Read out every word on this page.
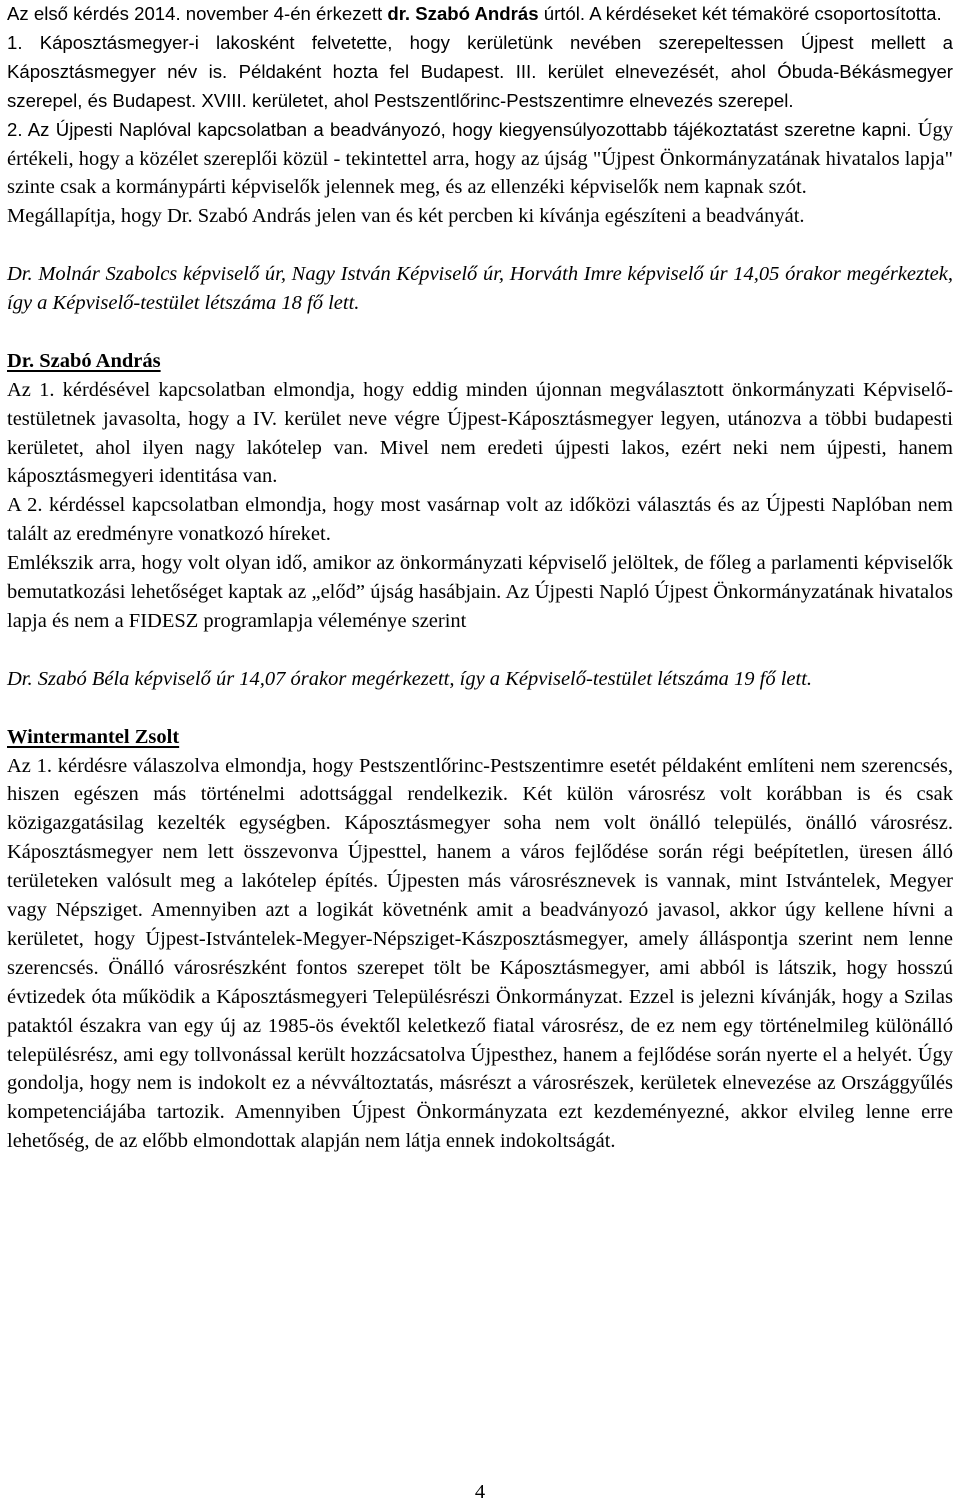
Az első kérdés 2014. november 4-én érkezett dr. Szabó András úrtól. A kérdéseket két témaköré csoportosította.

1. Káposztásmegyer-i lakosként felvetette, hogy kerületünk nevében szerepeltessen Újpest mellett a Káposztásmegyer név is. Példaként hozta fel Budapest. III. kerület elnevezését, ahol Óbuda-Békásmegyer szerepel, és Budapest. XVIII. kerületet, ahol Pestszentlőrinc-Pestszentimre elnevezés szerepel.

2. Az Újpesti Naplóval kapcsolatban a beadványozó, hogy kiegyensúlyozottabb tájékoztatást szeretne kapni. Úgy értékeli, hogy a közélet szereplői közül - tekintettel arra, hogy az újság "Újpest Önkormányzatának hivatalos lapja" szinte csak a kormánypárti képviselők jelennek meg, és az ellenzéki képviselők nem kapnak szót.

Megállapítja, hogy Dr. Szabó András jelen van és két percben ki kívánja egészíteni a beadványát.

Dr. Molnár Szabolcs képviselő úr, Nagy István Képviselő úr, Horváth Imre képviselő úr 14,05 órakor megérkeztek, így a Képviselő-testület létszáma 18 fő lett.

Dr. Szabó András

Az 1. kérdésével kapcsolatban elmondja, hogy eddig minden újonnan megválasztott önkormányzati Képviselő-testületnek javasolta, hogy a IV. kerület neve végre Újpest-Káposztásmegyer legyen, utánozva a többi budapesti kerületet, ahol ilyen nagy lakótelep van. Mivel nem eredeti újpesti lakos, ezért neki nem újpesti, hanem káposztásmegyeri identitása van.

A 2. kérdéssel kapcsolatban elmondja, hogy most vasárnap volt az időközi választás és az Újpesti Naplóban nem talált az eredményre vonatkozó híreket.

Emlékszik arra, hogy volt olyan idő, amikor az önkormányzati képviselő jelöltek, de főleg a parlamenti képviselők bemutatkozási lehetőséget kaptak az „előd” újság hasábjain. Az Újpesti Napló Újpest Önkormányzatának hivatalos lapja és nem a FIDESZ programlapja véleménye szerint

Dr. Szabó Béla képviselő úr 14,07 órakor megérkezett, így a Képviselő-testület létszáma 19 fő lett.

Wintermantel Zsolt

Az 1. kérdésre válaszolva elmondja, hogy Pestszentlőrinc-Pestszentimre esetét példaként említeni nem szerencsés, hiszen egészen más történelmi adottsággal rendelkezik. Két külön városrész volt korábban is és csak közigazgatásilag kezelték egységben. Káposztásmegyer soha nem volt önálló település, önálló városrész. Káposztásmegyer nem lett összevonva Újpesttel, hanem a város fejlődése során régi beépítetlen, üresen álló területeken valósult meg a lakótelep építés. Újpesten más városrésznevek is vannak, mint Istvántelek, Megyer vagy Népsziget. Amennyiben azt a logikát követnénk amit a beadványozó javasol, akkor úgy kellene hívni a kerületet, hogy Újpest-Istvántelek-Megyer-Népsziget-Kászposztásmegyer, amely álláspontja szerint nem lenne szerencsés. Önálló városrészként fontos szerepet tölt be Káposztásmegyer, ami abból is látszik, hogy hosszú évtizedek óta működik a Káposztásmegyeri Településrészi Önkormányzat. Ezzel is jelezni kívánják, hogy a Szilas pataktól északra van egy új az 1985-ös évektől keletkező fiatal városrész, de ez nem egy történelmileg különálló településrész, ami egy tollvonással került hozzácsatolva Újpesthez, hanem a fejlődése során nyerte el a helyét. Úgy gondolja, hogy nem is indokolt ez a névváltoztatás, másrészt a városrészek, kerületek elnevezése az Országgyűlés kompetenciájába tartozik. Amennyiben Újpest Önkormányzata ezt kezdeményezné, akkor elvileg lenne erre lehetőség, de az előbb elmondottak alapján nem látja ennek indokoltságát.

4
